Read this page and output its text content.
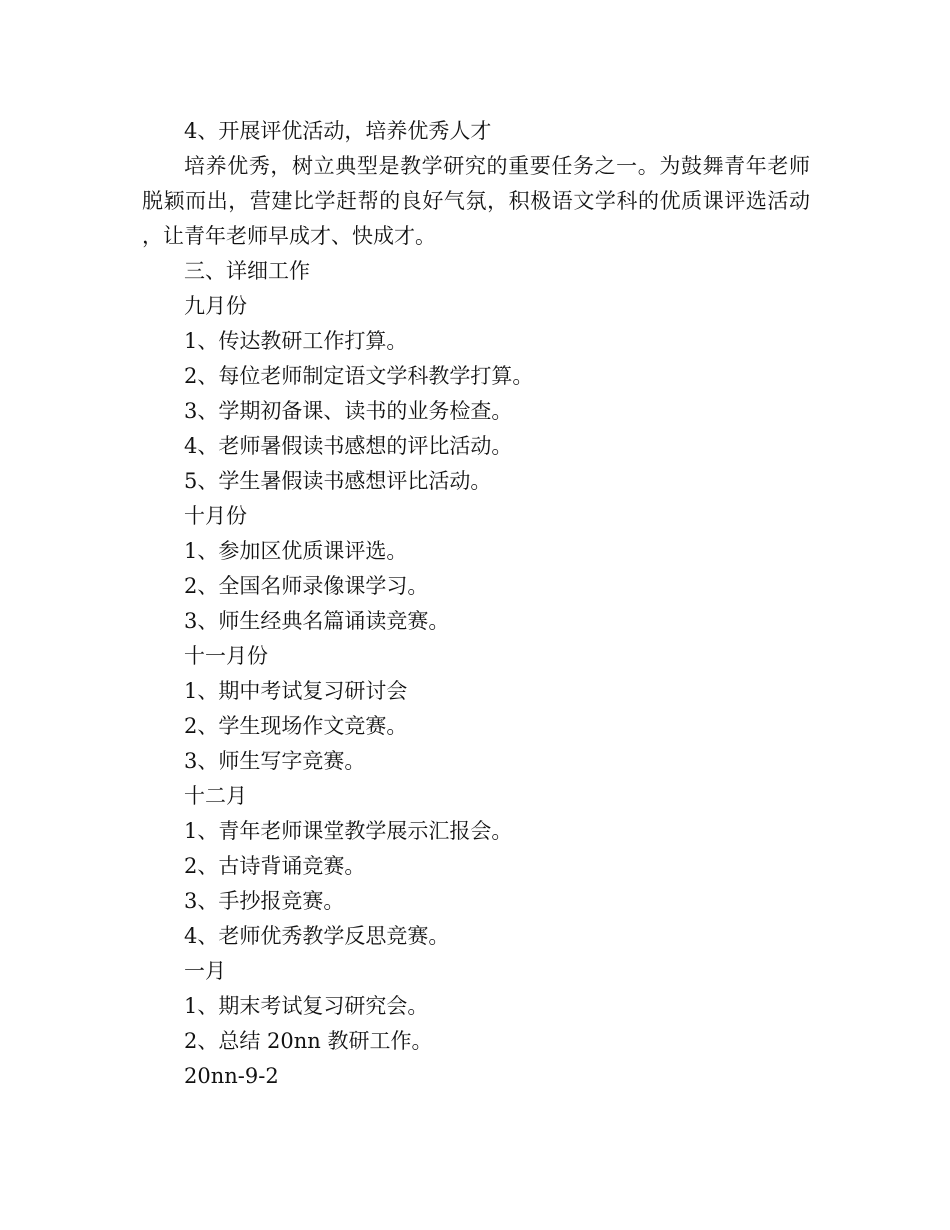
4、开展评优活动，培养优秀人才

培养优秀，树立典型是教学研究的重要任务之一。为鼓舞青年老师脱颖而出，营建比学赶帮的良好气氛，积极语文学科的优质课评选活动，让青年老师早成才、快成才。

三、详细工作

九月份

1、传达教研工作打算。

2、每位老师制定语文学科教学打算。

3、学期初备课、读书的业务检查。

4、老师暑假读书感想的评比活动。

5、学生暑假读书感想评比活动。

十月份

1、参加区优质课评选。

2、全国名师录像课学习。

3、师生经典名篇诵读竞赛。

十一月份

1、期中考试复习研讨会

2、学生现场作文竞赛。

3、师生写字竞赛。

十二月

1、青年老师课堂教学展示汇报会。

2、古诗背诵竞赛。

3、手抄报竞赛。

4、老师优秀教学反思竞赛。

一月

1、期末考试复习研究会。

2、总结 20nn 教研工作。

20nn-9-2
